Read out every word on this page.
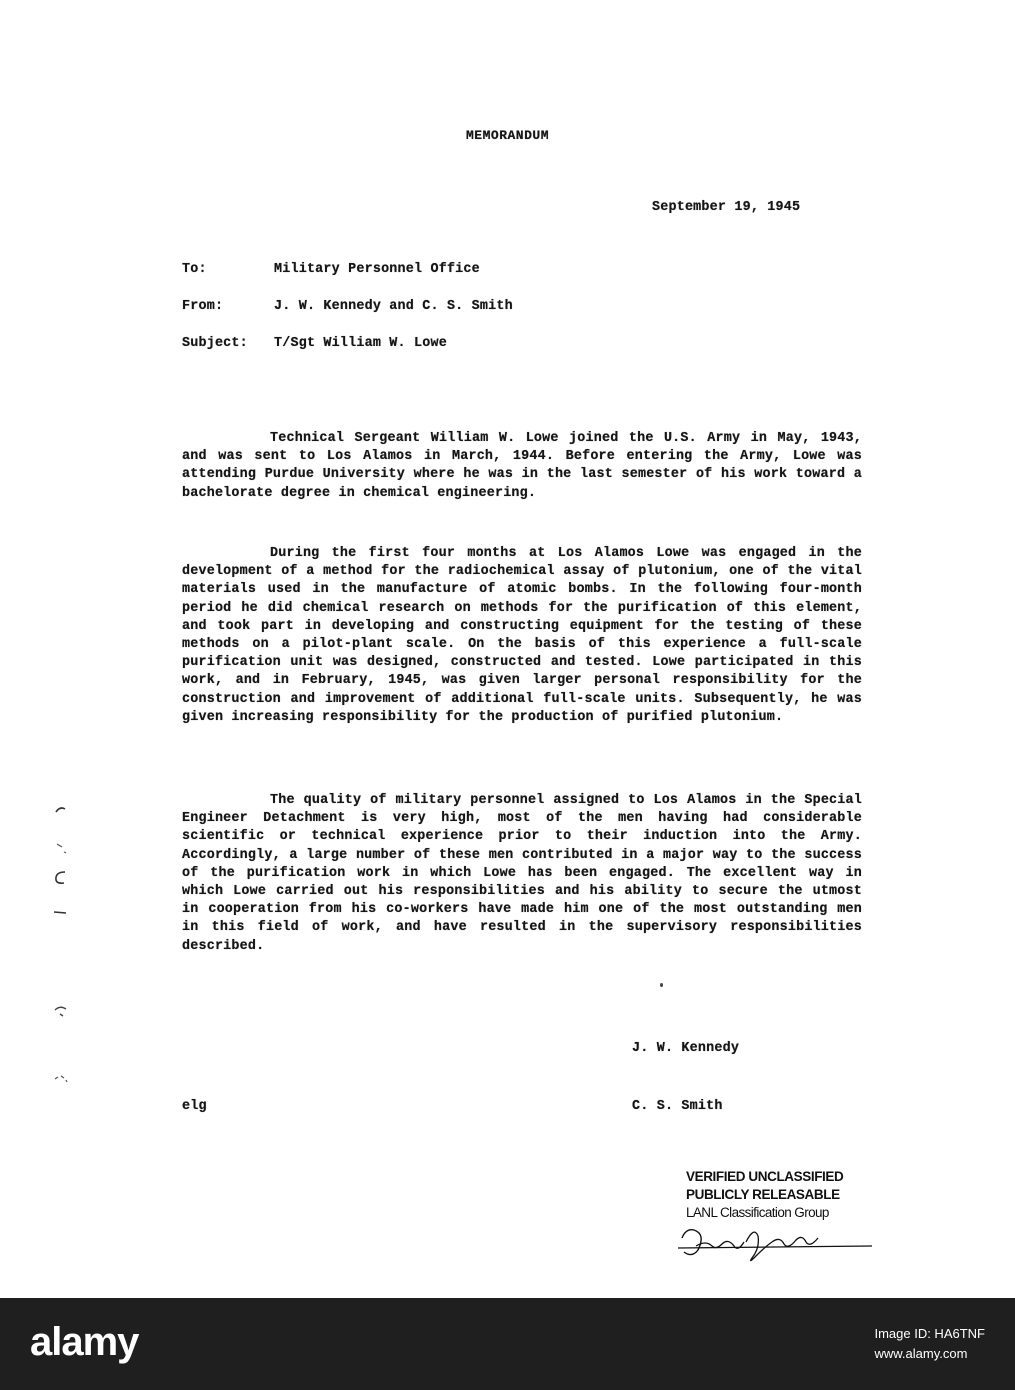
MEMORANDUM
September 19, 1945
To:	Military Personnel Office
From:	J. W. Kennedy and C. S. Smith
Subject: T/Sgt William W. Lowe

Technical Sergeant William W. Lowe joined the U.S. Army in May, 1943, and was sent to Los Alamos in March, 1944. Before entering the Army, Lowe was attending Purdue University where he was in the last semester of his work toward a bachelorate degree in chemical engineering.

During the first four months at Los Alamos Lowe was engaged in the development of a method for the radiochemical assay of plutonium, one of the vital materials used in the manufacture of atomic bombs. In the following four-month period he did chemical research on methods for the purification of this element, and took part in developing and constructing equipment for the testing of these methods on a pilot-plant scale. On the basis of this experience a full-scale purification unit was designed, constructed and tested. Lowe participated in this work, and in February, 1945, was given larger personal responsibility for the construction and improvement of additional full-scale units. Subsequently, he was given increasing responsibility for the production of purified plutonium.

The quality of military personnel assigned to Los Alamos in the Special Engineer Detachment is very high, most of the men having had considerable scientific or technical experience prior to their induction into the Army. Accordingly, a large number of these men contributed in a major way to the success of the purification work in which Lowe has been engaged. The excellent way in which Lowe carried out his responsibilities and his ability to secure the utmost in cooperation from his co-workers have made him one of the most outstanding men in this field of work, and have resulted in the supervisory responsibilities described.

J. W. Kennedy
C. S. Smith
elg
VERIFIED UNCLASSIFIED
PUBLICLY RELEASABLE
LANL Classification Group
alamy	Image ID: HA6TNF
www.alamy.com
